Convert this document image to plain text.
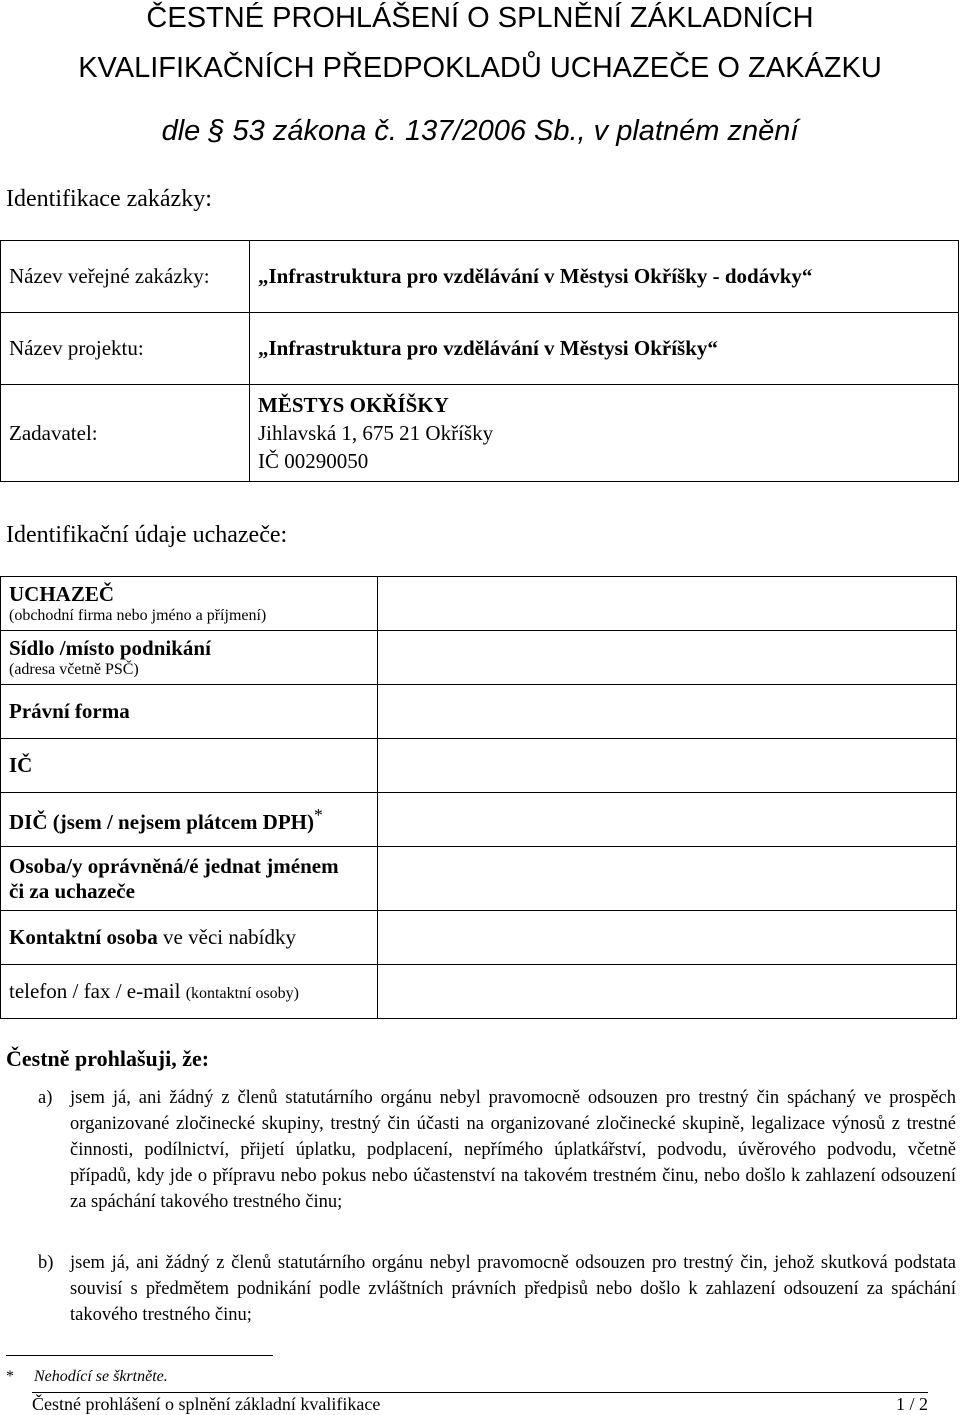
ČESTNÉ PROHLÁŠENÍ O SPLNĚNÍ ZÁKLADNÍCH
KVALIFIKAČNÍCH PŘEDPOKLADŮ UCHAZEČE O ZAKÁZKU
dle § 53 zákona č. 137/2006 Sb., v platném znění
Identifikace zakázky:
Název veřejné zakázky:	„Infrastruktura pro vzdělávání v Městysi Okříšky - dodávky“
Název projektu:	„Infrastruktura pro vzdělávání v Městysi Okříšky“
Zadavatel:	MĚSTYS OKŘÍŠKY
Jihlavská 1, 675 21 Okříšky
IČ 00290050
Identifikační údaje uchazeče:
UCHAZEČ
(obchodní firma nebo jméno a příjmení)	

Sídlo /místo podnikání
(adresa včetně PSČ)	

Právní forma	
IČ	
DIČ (jsem / nejsem plátcem DPH)*	

Osoba/y oprávněná/é jednat jménem
či za uchazeče	

Kontaktní osoba ve věci nabídky	
telefon / fax / e-mail (kontaktní osoby)	
Čestně prohlašuji, že:
a) jsem já, ani žádný z členů statutárního orgánu nebyl pravomocně odsouzen pro trestný čin spáchaný ve prospěch organizované zločinecké skupiny, trestný čin účasti na organizované zločinecké skupině, legalizace výnosů z trestné činnosti, podílnictví, přijetí úplatku, podplacení, nepřímého úplatkářství, podvodu, úvěrového podvodu, včetně případů, kdy jde o přípravu nebo pokus nebo účastenství na takovém trestném činu, nebo došlo k zahlazení odsouzení za spáchání takového trestného činu;
b) jsem já, ani žádný z členů statutárního orgánu nebyl pravomocně odsouzen pro trestný čin, jehož skutková podstata souvisí s předmětem podnikání podle zvláštních právních předpisů nebo došlo k zahlazení odsouzení za spáchání takového trestného činu;
* Nehodící se škrtněte.
Čestné prohlášení o splnění základní kvalifikace	1 / 2
